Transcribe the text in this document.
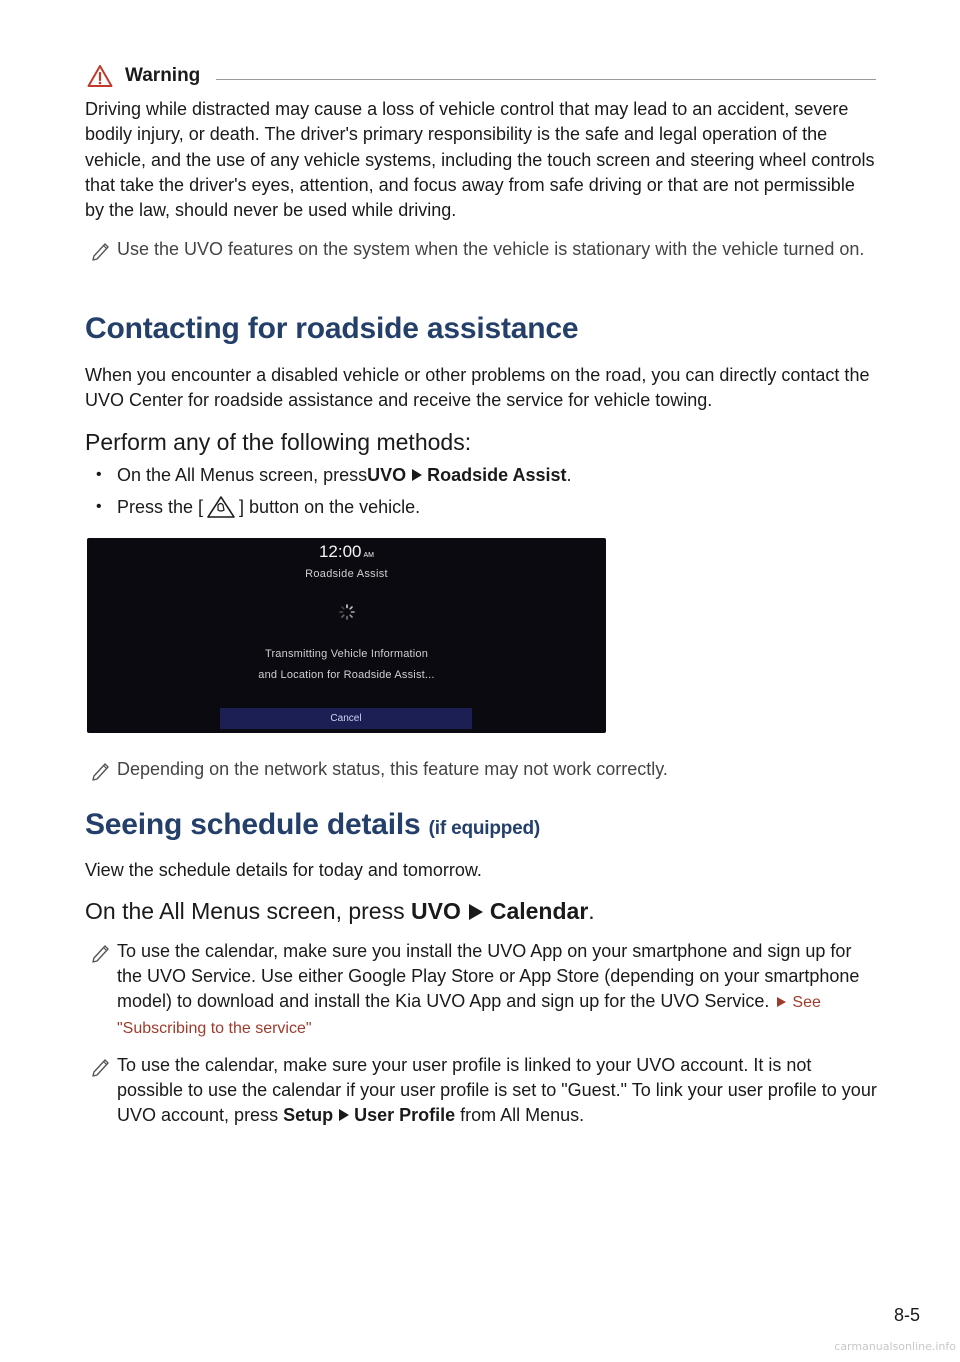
Warning

Driving while distracted may cause a loss of vehicle control that may lead to an accident, severe bodily injury, or death. The driver's primary responsibility is the safe and legal operation of the vehicle, and the use of any vehicle systems, including the touch screen and steering wheel controls that take the driver's eyes, attention, and focus away from safe driving or that are not permissible by the law, should never be used while driving.

Use the UVO features on the system when the vehicle is stationary with the vehicle turned on.
Contacting for roadside assistance

When you encounter a disabled vehicle or other problems on the road, you can directly contact the UVO Center for roadside assistance and receive the service for vehicle towing.

Perform any of the following methods:

• On the All Menus screen, press UVO Roadside Assist .
• Press the [ ] button on the vehicle.
12:00 AM
Roadside Assist
Transmitting Vehicle Information
and Location for Roadside Assist...
Cancel
Depending on the network status, this feature may not work correctly.
Seeing schedule details (if equipped)

View the schedule details for today and tomorrow.

On the All Menus screen, press UVO Calendar .
To use the calendar, make sure you install the UVO App on your smartphone and sign up for the UVO Service. Use either Google Play Store or App Store (depending on your smartphone model) to download and install the Kia UVO App and sign up for the UVO Service. See "Subscribing to the service"
To use the calendar, make sure your user profile is linked to your UVO account. It is not possible to use the calendar if your user profile is set to "Guest." To link your user profile to your UVO account, press Setup User Profile from All Menus.
8-5
carmanualsonline.info
